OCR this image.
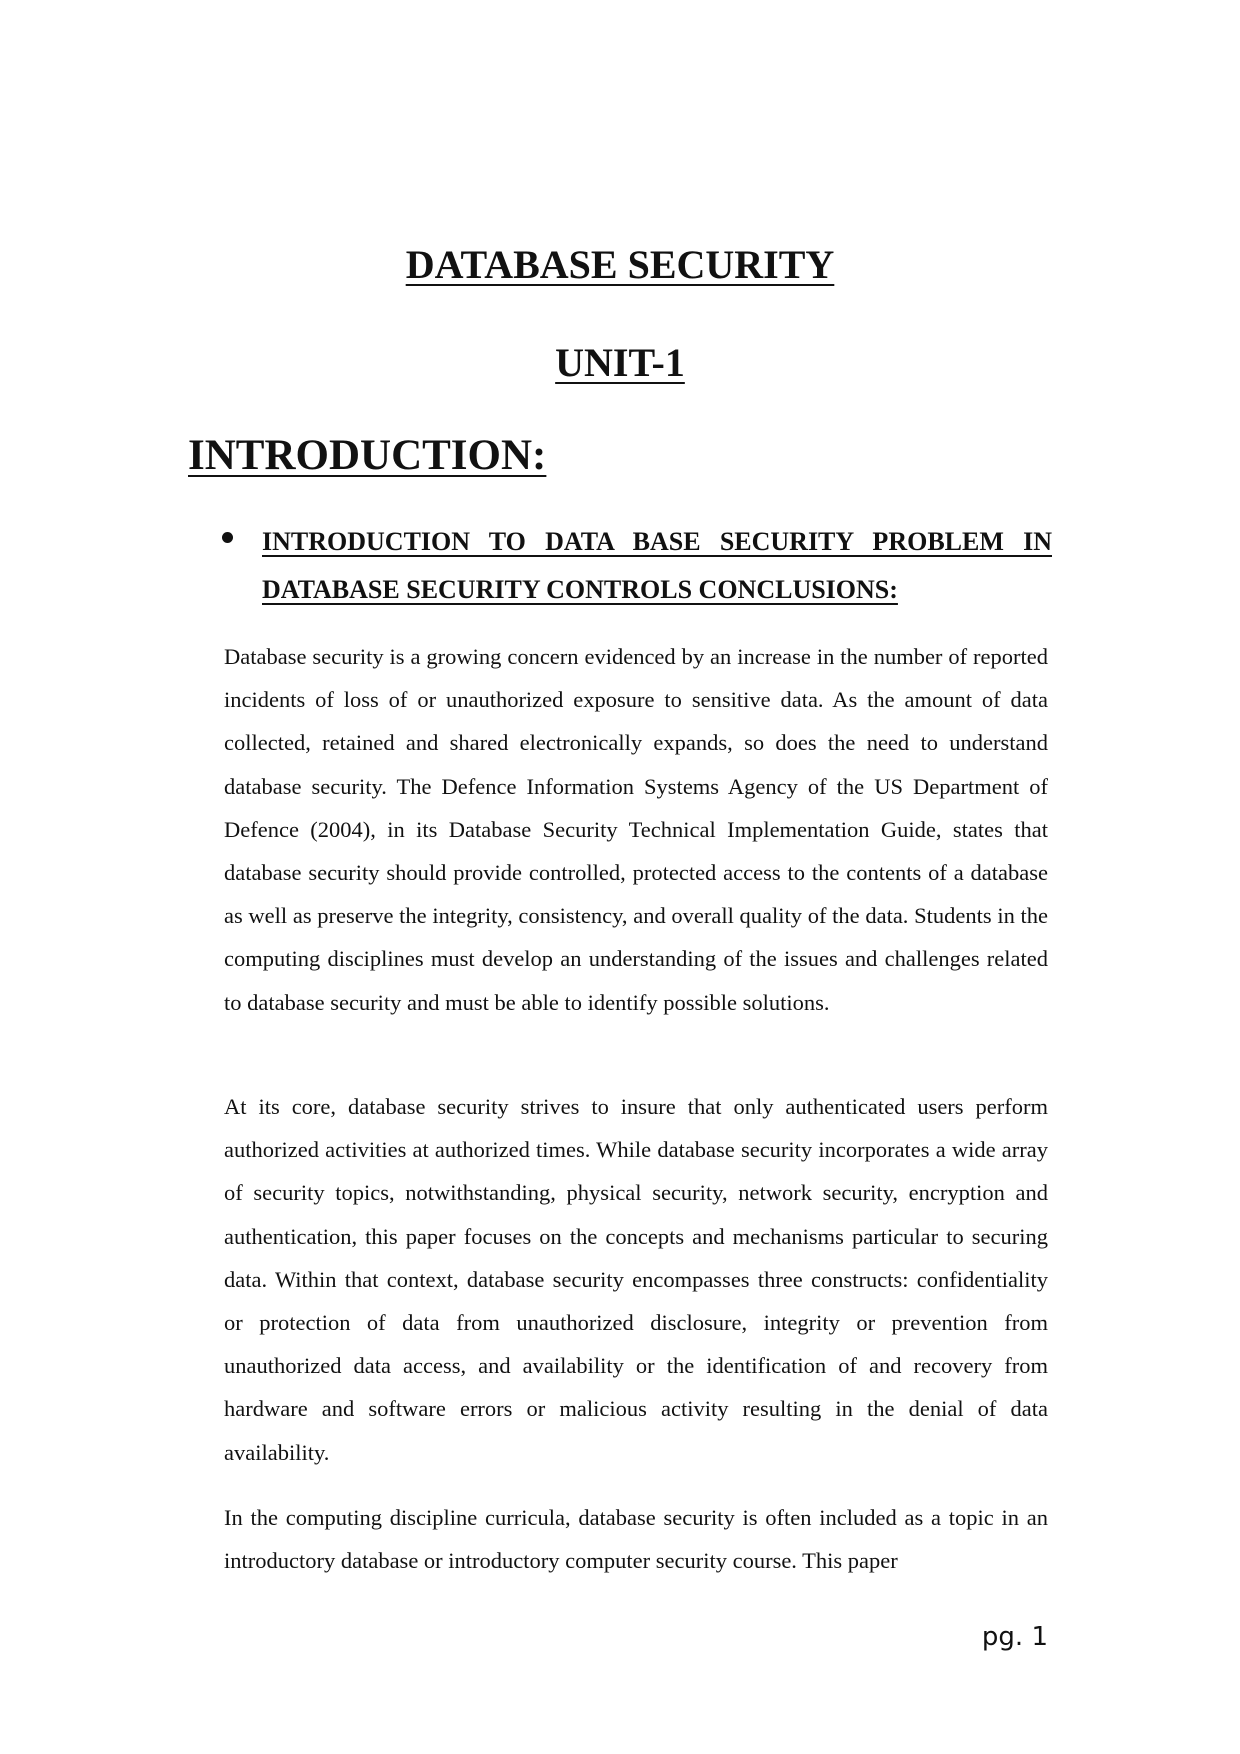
DATABASE SECURITY
UNIT-1
INTRODUCTION:
INTRODUCTION TO DATA BASE SECURITY PROBLEM IN DATABASE SECURITY CONTROLS CONCLUSIONS:

Database security is a growing concern evidenced by an increase in the number of reported incidents of loss of or unauthorized exposure to sensitive data. As the amount of data collected, retained and shared electronically expands, so does the need to understand database security. The Defence Information Systems Agency of the US Department of Defence (2004), in its Database Security Technical Implementation Guide, states that database security should provide controlled, protected access to the contents of a database as well as preserve the integrity, consistency, and overall quality of the data. Students in the computing disciplines must develop an understanding of the issues and challenges related to database security and must be able to identify possible solutions.

At its core, database security strives to insure that only authenticated users perform authorized activities at authorized times. While database security incorporates a wide array of security topics, notwithstanding, physical security, network security, encryption and authentication, this paper focuses on the concepts and mechanisms particular to securing data. Within that context, database security encompasses three constructs: confidentiality or protection of data from unauthorized disclosure, integrity or prevention from unauthorized data access, and availability or the identification of and recovery from hardware and software errors or malicious activity resulting in the denial of data availability.

In the computing discipline curricula, database security is often included as a topic in an introductory database or introductory computer security course. This paper

pg. 1
